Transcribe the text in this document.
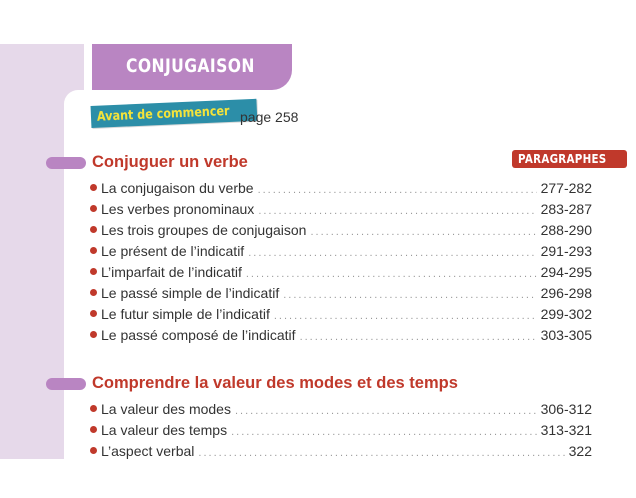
CONJUGAISON
Avant de commencer page 258
PARAGRAPHES
Conjuguer un verbe
La conjugaison du verbe .....	277-282
Les verbes pronominaux .....	283-287
Les trois groupes de conjugaison .....	288-290
Le présent de l’indicatif .....	291-293
L’imparfait de l’indicatif .....	294-295
Le passé simple de l’indicatif .....	296-298
Le futur simple de l’indicatif .....	299-302
Le passé composé de l’indicatif .....	303-305
Comprendre la valeur des modes et des temps
La valeur des modes .....	306-312
La valeur des temps .....	313-321
L’aspect verbal .....	322
